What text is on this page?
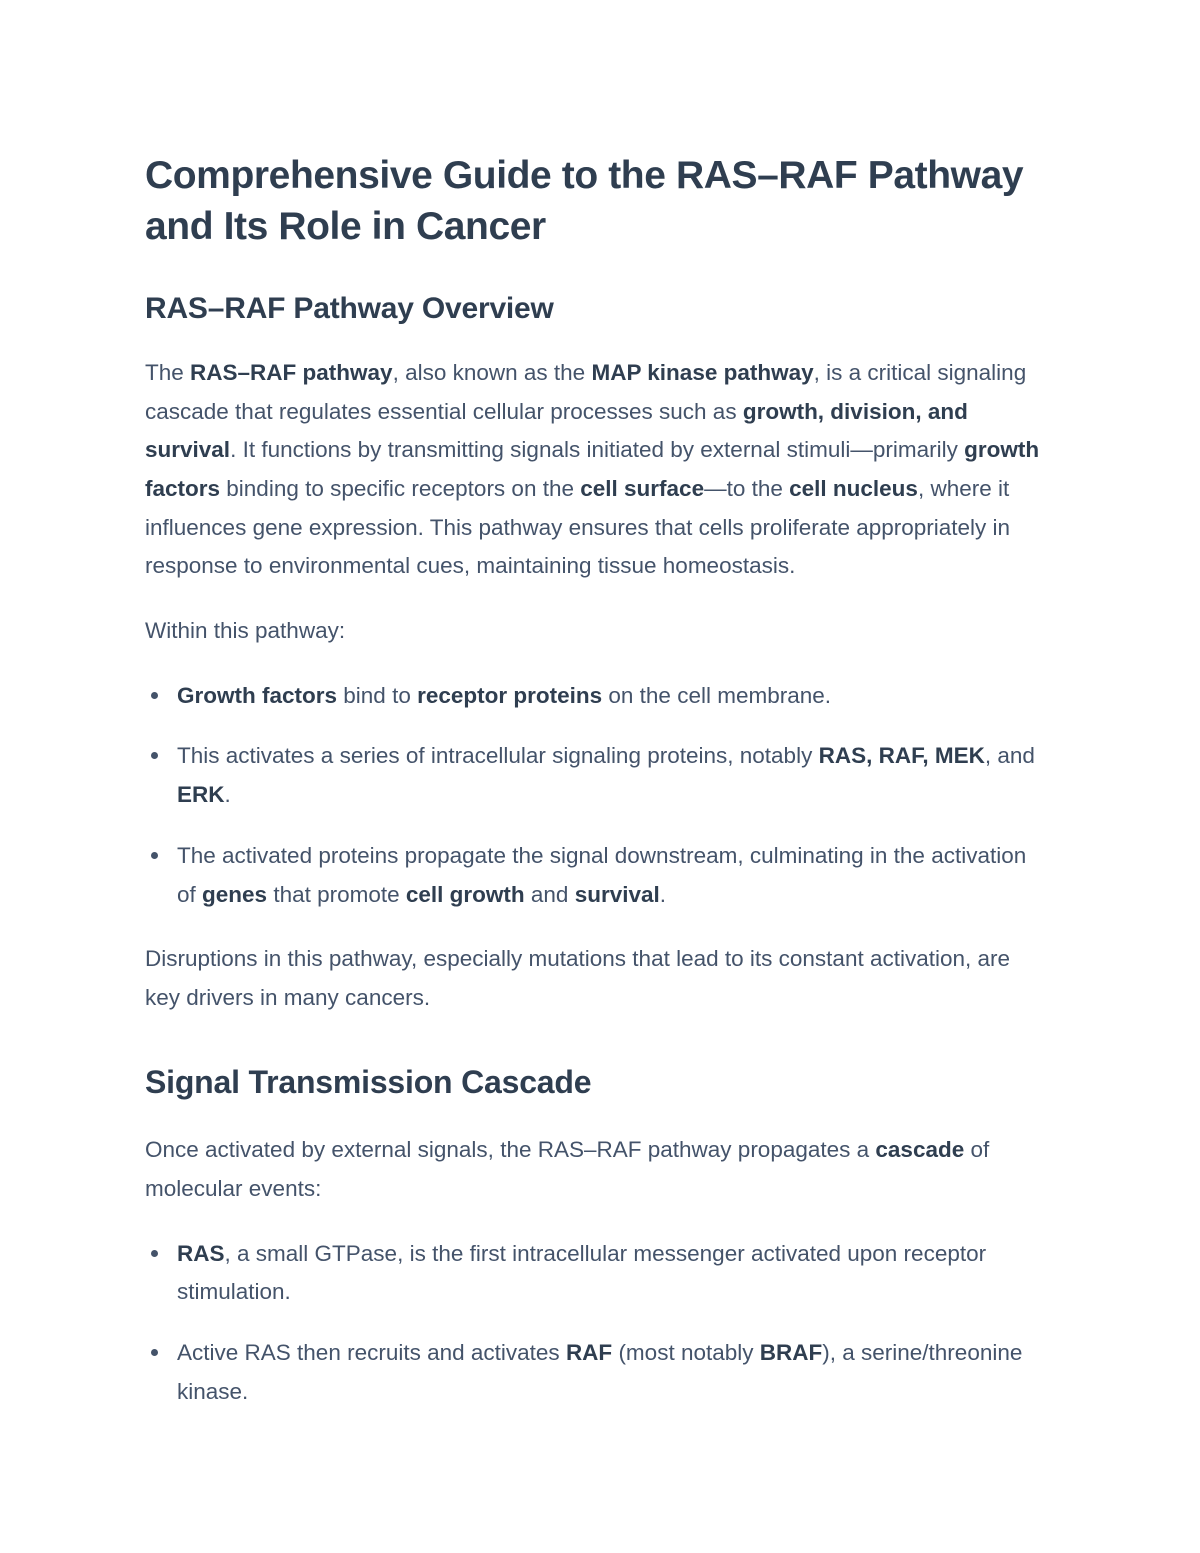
Comprehensive Guide to the RAS–RAF Pathway and Its Role in Cancer
RAS–RAF Pathway Overview

The RAS–RAF pathway, also known as the MAP kinase pathway, is a critical signaling cascade that regulates essential cellular processes such as growth, division, and survival. It functions by transmitting signals initiated by external stimuli—primarily growth factors binding to specific receptors on the cell surface—to the cell nucleus, where it influences gene expression. This pathway ensures that cells proliferate appropriately in response to environmental cues, maintaining tissue homeostasis.

Within this pathway:

Growth factors bind to receptor proteins on the cell membrane.
This activates a series of intracellular signaling proteins, notably RAS, RAF, MEK, and ERK.
The activated proteins propagate the signal downstream, culminating in the activation of genes that promote cell growth and survival.

Disruptions in this pathway, especially mutations that lead to its constant activation, are key drivers in many cancers.

Signal Transmission Cascade

Once activated by external signals, the RAS–RAF pathway propagates a cascade of molecular events:

RAS, a small GTPase, is the first intracellular messenger activated upon receptor stimulation.
Active RAS then recruits and activates RAF (most notably BRAF), a serine/threonine kinase.
